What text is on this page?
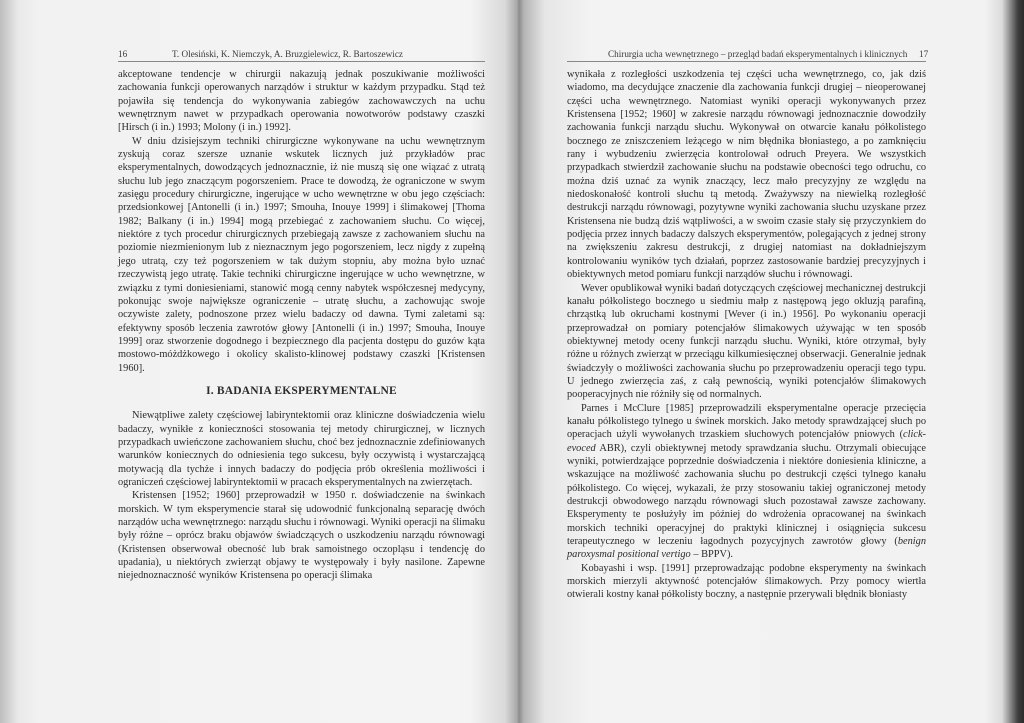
16	T. Olesiński, K. Niemczyk, A. Bruzgielewicz, R. Bartoszewicz

akceptowane tendencje w chirurgii nakazują jednak poszukiwanie możliwości zachowania funkcji operowanych narządów i struktur w każdym przypadku. Stąd też pojawiła się tendencja do wykonywania zabiegów zachowawczych na uchu wewnętrznym nawet w przypadkach operowania nowotworów podstawy czaszki [Hirsch (i in.) 1993; Molony (i in.) 1992].

W dniu dzisiejszym techniki chirurgiczne wykonywane na uchu wewnętrznym zyskują coraz szersze uznanie wskutek licznych już przykładów prac eksperymentalnych, dowodzących jednoznacznie, iż nie muszą się one wiązać z utratą słuchu lub jego znaczącym pogorszeniem. Prace te dowodzą, że ograniczone w swym zasięgu procedury chirurgiczne, ingerujące w ucho wewnętrzne w obu jego częściach: przedsionkowej [Antonelli (i in.) 1997; Smouha, Inouye 1999] i ślimakowej [Thoma 1982; Balkany (i in.) 1994] mogą przebiegać z zachowaniem słuchu. Co więcej, niektóre z tych procedur chirurgicznych przebiegają zawsze z zachowaniem słuchu na poziomie niezmienionym lub z nieznacznym jego pogorszeniem, lecz nigdy z zupełną jego utratą, czy też pogorszeniem w tak dużym stopniu, aby można było uznać rzeczywistą jego utratę. Takie techniki chirurgiczne ingerujące w ucho wewnętrzne, w związku z tymi doniesieniami, stanowić mogą cenny nabytek współczesnej medycyny, pokonując swoje największe ograniczenie – utratę słuchu, a zachowując swoje oczywiste zalety, podnoszone przez wielu badaczy od dawna. Tymi zaletami są: efektywny sposób leczenia zawrotów głowy [Antonelli (i in.) 1997; Smouha, Inouye 1999] oraz stworzenie dogodnego i bezpiecznego dla pacjenta dostępu do guzów kąta mostowo-móżdżkowego i okolicy skalisto-klinowej podstawy czaszki [Kristensen 1960].

I. BADANIA EKSPERYMENTALNE

Niewątpliwe zalety częściowej labiryntektomii oraz kliniczne doświadczenia wielu badaczy, wynikłe z konieczności stosowania tej metody chirurgicznej, w licznych przypadkach uwieńczone zachowaniem słuchu, choć bez jednoznacznie zdefiniowanych warunków koniecznych do odniesienia tego sukcesu, były oczywistą i wystarczającą motywacją dla tychże i innych badaczy do podjęcia prób określenia możliwości i ograniczeń częściowej labiryntektomii w pracach eksperymentalnych na zwierzętach.

Kristensen [1952; 1960] przeprowadził w 1950 r. doświadczenie na świnkach morskich. W tym eksperymencie starał się udowodnić funkcjonalną separację dwóch narządów ucha wewnętrznego: narządu słuchu i równowagi. Wyniki operacji na ślimaku były różne – oprócz braku objawów świadczących o uszkodzeniu narządu równowagi (Kristensen obserwował obecność lub brak samoistnego oczopląsu i tendencję do upadania), u niektórych zwierząt objawy te występowały i były nasilone. Zapewne niejednoznaczność wyników Kristensena po operacji ślimaka

Chirurgia ucha wewnętrznego – przegląd badań eksperymentalnych i klinicznych 17

wynikała z rozległości uszkodzenia tej części ucha wewnętrznego, co, jak dziś wiadomo, ma decydujące znaczenie dla zachowania funkcji drugiej – nieoperowanej części ucha wewnętrznego. Natomiast wyniki operacji wykonywanych przez Kristensena [1952; 1960] w zakresie narządu równowagi jednoznacznie dowodziły zachowania funkcji narządu słuchu. Wykonywał on otwarcie kanału półkolistego bocznego ze zniszczeniem leżącego w nim błędnika błoniastego, a po zamknięciu rany i wybudzeniu zwierzęcia kontrolował odruch Preyera. We wszystkich przypadkach stwierdził zachowanie słuchu na podstawie obecności tego odruchu, co można dziś uznać za wynik znaczący, lecz mało precyzyjny ze względu na niedoskonałość kontroli słuchu tą metodą. Zważywszy na niewielką rozległość destrukcji narządu równowagi, pozytywne wyniki zachowania słuchu uzyskane przez Kristensena nie budzą dziś wątpliwości, a w swoim czasie stały się przyczynkiem do podjęcia przez innych badaczy dalszych eksperymentów, polegających z jednej strony na zwiększeniu zakresu destrukcji, z drugiej natomiast na dokładniejszym kontrolowaniu wyników tych działań, poprzez zastosowanie bardziej precyzyjnych i obiektywnych metod pomiaru funkcji narządów słuchu i równowagi.

Wever opublikował wyniki badań dotyczących częściowej mechanicznej destrukcji kanału półkolistego bocznego u siedmiu małp z następową jego okluzją parafiną, chrząstką lub okruchami kostnymi [Wever (i in.) 1956]. Po wykonaniu operacji przeprowadzał on pomiary potencjałów ślimakowych używając w ten sposób obiektywnej metody oceny funkcji narządu słuchu. Wyniki, które otrzymał, były różne u różnych zwierząt w przeciągu kilkumiesięcznej obserwacji. Generalnie jednak świadczyły o możliwości zachowania słuchu po przeprowadzeniu operacji tego typu. U jednego zwierzęcia zaś, z całą pewnością, wyniki potencjałów ślimakowych pooperacyjnych nie różniły się od normalnych.

Parnes i McClure [1985] przeprowadzili eksperymentalne operacje przecięcia kanału półkolistego tylnego u świnek morskich. Jako metody sprawdzającej słuch po operacjach użyli wywołanych trzaskiem słuchowych potencjałów pniowych (click-evoced ABR), czyli obiektywnej metody sprawdzania słuchu. Otrzymali obiecujące wyniki, potwierdzające poprzednie doświadczenia i niektóre doniesienia kliniczne, a wskazujące na możliwość zachowania słuchu po destrukcji części tylnego kanału półkolistego. Co więcej, wykazali, że przy stosowaniu takiej ograniczonej metody destrukcji obwodowego narządu równowagi słuch pozostawał zawsze zachowany. Eksperymenty te posłużyły im później do wdrożenia opracowanej na świnkach morskich techniki operacyjnej do praktyki klinicznej i osiągnięcia sukcesu terapeutycznego w leczeniu łagodnych pozycyjnych zawrotów głowy (benign paroxysmal positional vertigo – BPPV).

Kobayashi i wsp. [1991] przeprowadzając podobne eksperymenty na świnkach morskich mierzyli aktywność potencjałów ślimakowych. Przy pomocy wiertła otwierali kostny kanał półkolisty boczny, a następnie przerywali błędnik błoniasty
